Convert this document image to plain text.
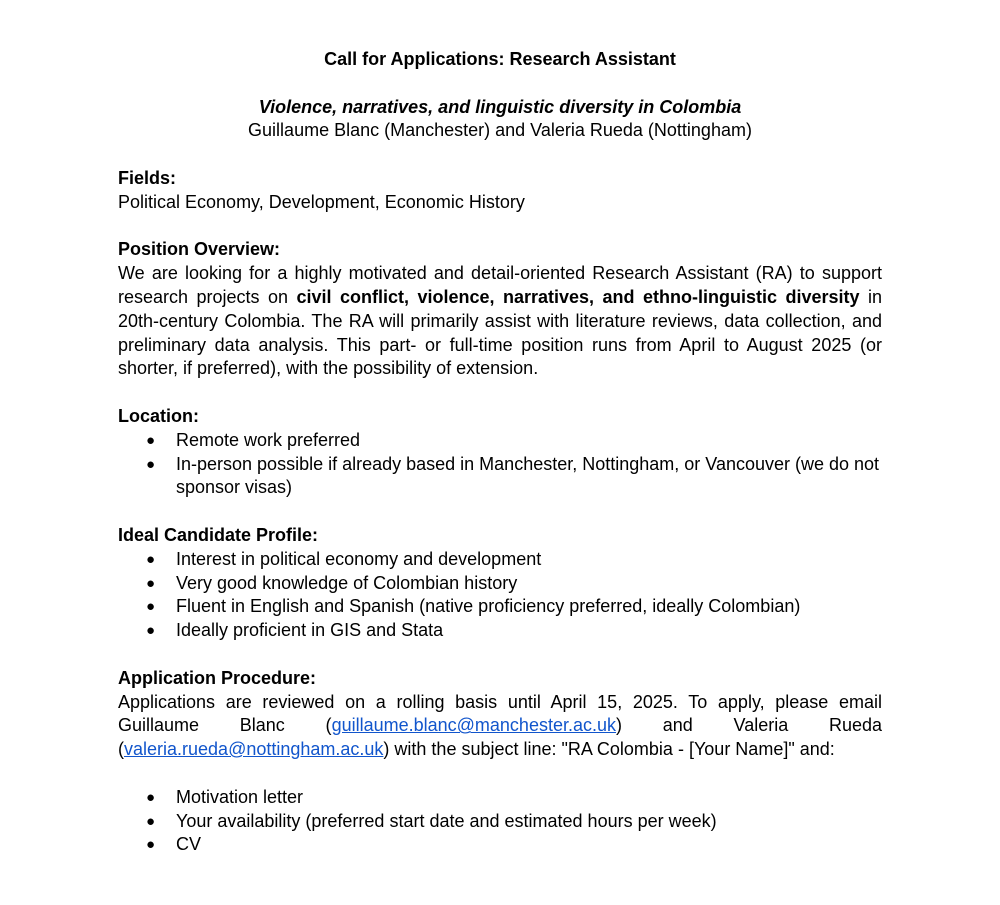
Call for Applications: Research Assistant
Violence, narratives, and linguistic diversity in Colombia
Guillaume Blanc (Manchester) and Valeria Rueda (Nottingham)
Fields:
Political Economy, Development, Economic History
Position Overview:
We are looking for a highly motivated and detail-oriented Research Assistant (RA) to support research projects on civil conflict, violence, narratives, and ethno-linguistic diversity in 20th-century Colombia. The RA will primarily assist with literature reviews, data collection, and preliminary data analysis. This part- or full-time position runs from April to August 2025 (or shorter, if preferred), with the possibility of extension.
Location:
● Remote work preferred
● In-person possible if already based in Manchester, Nottingham, or Vancouver (we do not sponsor visas)
Ideal Candidate Profile:
● Interest in political economy and development
● Very good knowledge of Colombian history
● Fluent in English and Spanish (native proficiency preferred, ideally Colombian)
● Ideally proficient in GIS and Stata
Application Procedure:
Applications are reviewed on a rolling basis until April 15, 2025. To apply, please email
Guillaume Blanc (guillaume.blanc@manchester.ac.uk) and Valeria Rueda
(valeria.rueda@nottingham.ac.uk) with the subject line: "RA Colombia - [Your Name]" and:
● Motivation letter
● Your availability (preferred start date and estimated hours per week)
● CV
